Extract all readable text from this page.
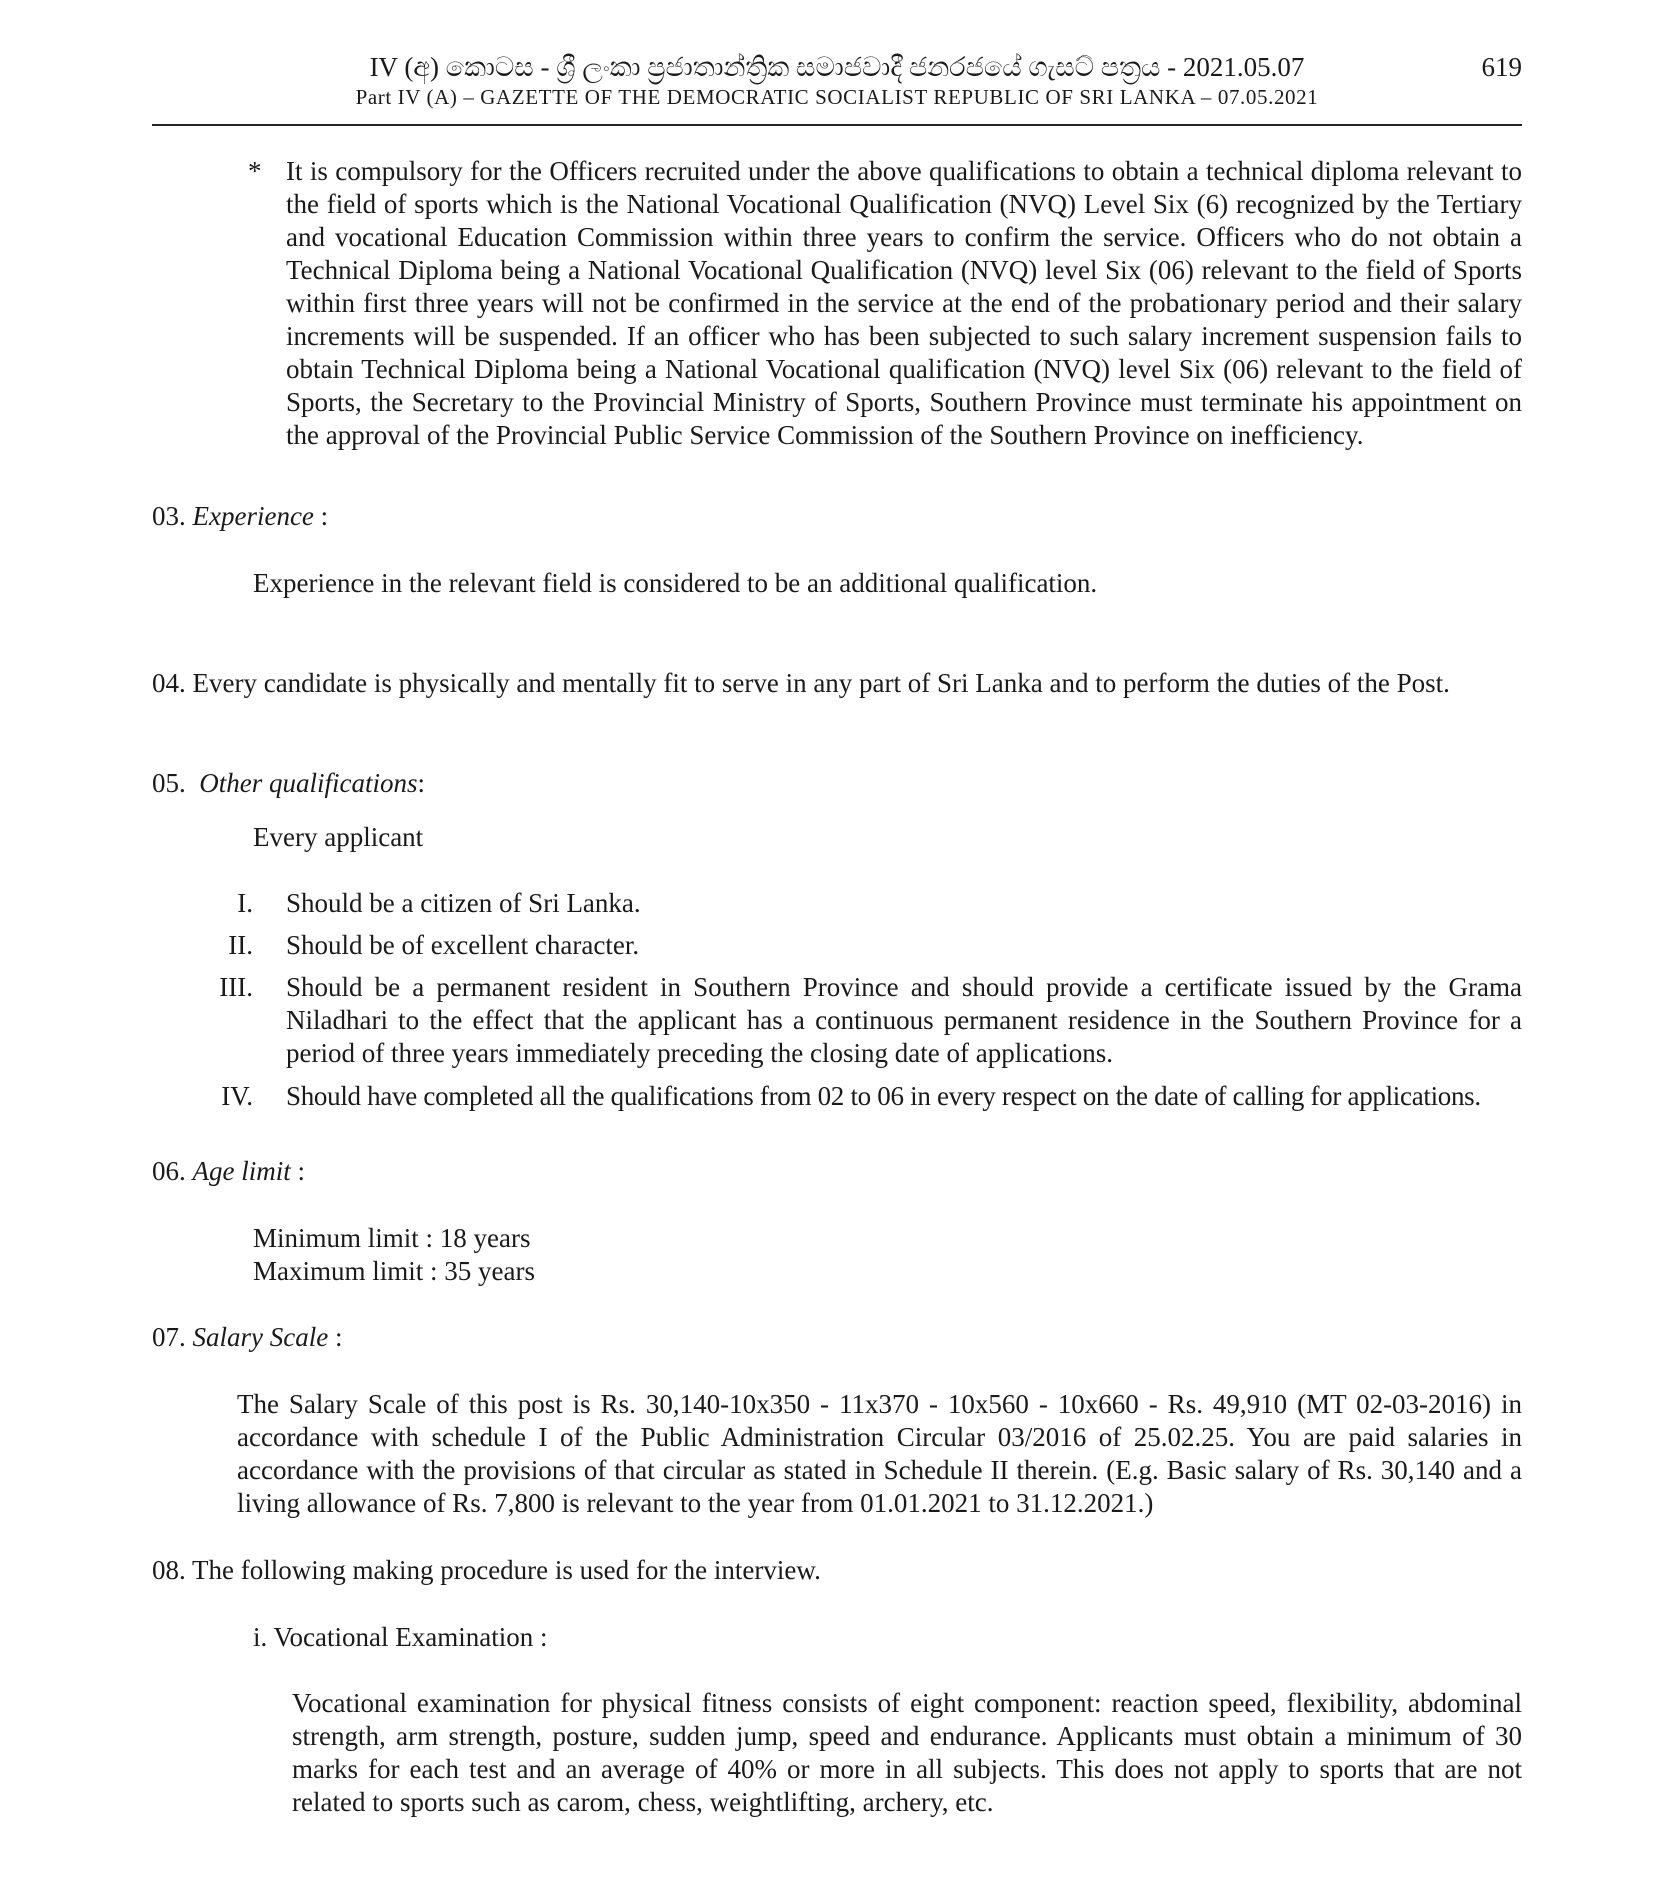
IV (අ) කොටස - ශ්‍රී ලංකා ප්‍රජාතාන්ත්‍රික සමාජවාදී ජනරජයේ ගැසට් පත්‍රය - 2021.05.07
Part IV (A) – GAZETTE OF THE DEMOCRATIC SOCIALIST REPUBLIC OF SRI LANKA – 07.05.2021
619
* It is compulsory for the Officers recruited under the above qualifications to obtain a technical diploma relevant to the field of sports which is the National Vocational Qualification (NVQ) Level Six (6) recognized by the Tertiary and vocational Education Commission within three years to confirm the service. Officers who do not obtain a Technical Diploma being a National Vocational Qualification (NVQ) level Six (06) relevant to the field of Sports within first three years will not be confirmed in the service at the end of the probationary period and their salary increments will be suspended. If an officer who has been subjected to such salary increment suspension fails to obtain Technical Diploma being a National Vocational qualification (NVQ) level Six (06) relevant to the field of Sports, the Secretary to the Provincial Ministry of Sports, Southern Province must terminate his appointment on the approval of the Provincial Public Service Commission of the Southern Province on inefficiency.
03. Experience :
Experience in the relevant field is considered to be an additional qualification.
04. Every candidate is physically and mentally fit to serve in any part of Sri Lanka and to perform the duties of the Post.
05. Other qualifications:
Every applicant
I. Should be a citizen of Sri Lanka.
II. Should be of excellent character.
III. Should be a permanent resident in Southern Province and should provide a certificate issued by the Grama Niladhari to the effect that the applicant has a continuous permanent residence in the Southern Province for a period of three years immediately preceding the closing date of applications.
IV. Should have completed all the qualifications from 02 to 06 in every respect on the date of calling for applications.
06. Age limit :
Minimum limit : 18 years
Maximum limit : 35 years
07. Salary Scale :
The Salary Scale of this post is Rs. 30,140-10x350 - 11x370 - 10x560 - 10x660 - Rs. 49,910 (MT 02-03-2016) in accordance with schedule I of the Public Administration Circular 03/2016 of 25.02.25. You are paid salaries in accordance with the provisions of that circular as stated in Schedule II therein. (E.g. Basic salary of Rs. 30,140 and a living allowance of Rs. 7,800 is relevant to the year from 01.01.2021 to 31.12.2021.)
08. The following making procedure is used for the interview.
i. Vocational Examination :
Vocational examination for physical fitness consists of eight component: reaction speed, flexibility, abdominal strength, arm strength, posture, sudden jump, speed and endurance. Applicants must obtain a minimum of 30 marks for each test and an average of 40% or more in all subjects. This does not apply to sports that are not related to sports such as carom, chess, weightlifting, archery, etc.
